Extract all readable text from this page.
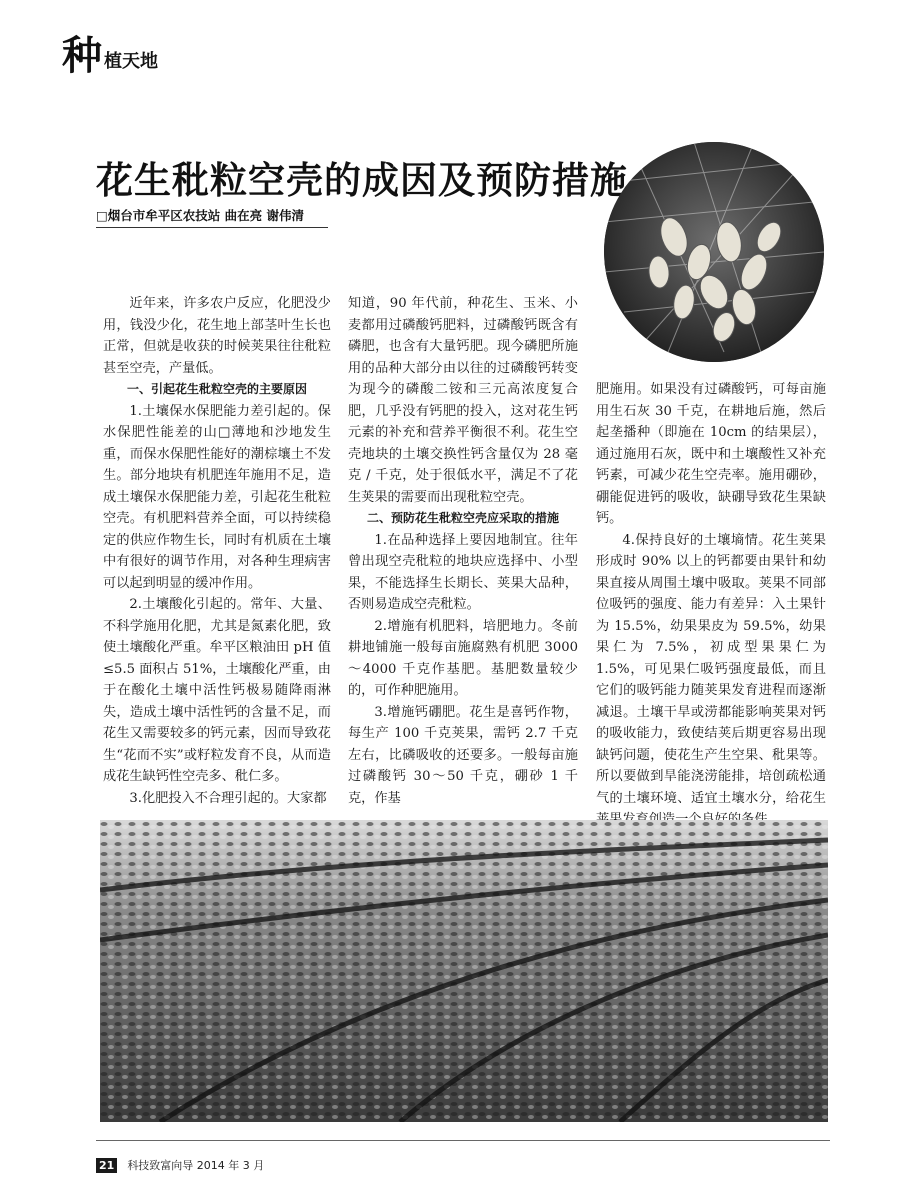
种 植天地
花生秕粒空壳的成因及预防措施
□烟台市牟平区农技站 曲在亮 谢伟清

近年来，许多农户反应，化肥没少用，钱没少化，花生地上部茎叶生长也正常，但就是收获的时候荚果往往秕粒甚至空壳，产量低。

一、引起花生秕粒空壳的主要原因

1.土壤保水保肥能力差引起的。保水保肥性能差的山□薄地和沙地发生重，而保水保肥性能好的潮棕壤土不发生。部分地块有机肥连年施用不足，造成土壤保水保肥能力差，引起花生秕粒空壳。有机肥料营养全面，可以持续稳定的供应作物生长，同时有机质在土壤中有很好的调节作用，对各种生理病害可以起到明显的缓冲作用。

2.土壤酸化引起的。常年、大量、不科学施用化肥，尤其是氮素化肥，致使土壤酸化严重。牟平区粮油田 pH 值≤5.5 面积占 51%，土壤酸化严重，由于在酸化土壤中活性钙极易随降雨淋失，造成土壤中活性钙的含量不足，而花生又需要较多的钙元素，因而导致花生“花而不实”或籽粒发育不良，从而造成花生缺钙性空壳多、秕仁多。

3.化肥投入不合理引起的。大家都

知道，90 年代前，种花生、玉米、小麦都用过磷酸钙肥料，过磷酸钙既含有磷肥，也含有大量钙肥。现今磷肥所施用的品种大部分由以往的过磷酸钙转变为现今的磷酸二铵和三元高浓度复合肥，几乎没有钙肥的投入，这对花生钙元素的补充和营养平衡很不利。花生空壳地块的土壤交换性钙含量仅为 28 毫克 / 千克，处于很低水平，满足不了花生荚果的需要而出现秕粒空壳。

二、预防花生秕粒空壳应采取的措施

1.在品种选择上要因地制宜。往年曾出现空壳秕粒的地块应选择中、小型果，不能选择生长期长、荚果大品种，否则易造成空壳秕粒。

2.增施有机肥料，培肥地力。冬前耕地铺施一般每亩施腐熟有机肥 3000～4000 千克作基肥。基肥数量较少的，可作种肥施用。

3.增施钙硼肥。花生是喜钙作物，每生产 100 千克荚果，需钙 2.7 千克左右，比磷吸收的还要多。一般每亩施过磷酸钙 30～50 千克，硼砂 1 千克，作基

肥施用。如果没有过磷酸钙，可每亩施用生石灰 30 千克，在耕地后施，然后起垄播种（即施在 10cm 的结果层），通过施用石灰，既中和土壤酸性又补充钙素，可减少花生空壳率。施用硼砂，硼能促进钙的吸收，缺硼导致花生果缺钙。

4.保持良好的土壤墒情。花生荚果形成时 90% 以上的钙都要由果针和幼果直接从周围土壤中吸取。荚果不同部位吸钙的强度、能力有差异：入土果针为 15.5%，幼果果皮为 59.5%，幼果果仁为 7.5%，初成型果果仁为 1.5%，可见果仁吸钙强度最低，而且它们的吸钙能力随荚果发育进程而逐渐减退。土壤干旱或涝都能影响荚果对钙的吸收能力，致使结荚后期更容易出现缺钙问题，使花生产生空果、秕果等。所以要做到旱能浇涝能排，培创疏松通气的土壤环境、适宜土壤水分，给花生

21 科技致富向导 2014 年 3 月
